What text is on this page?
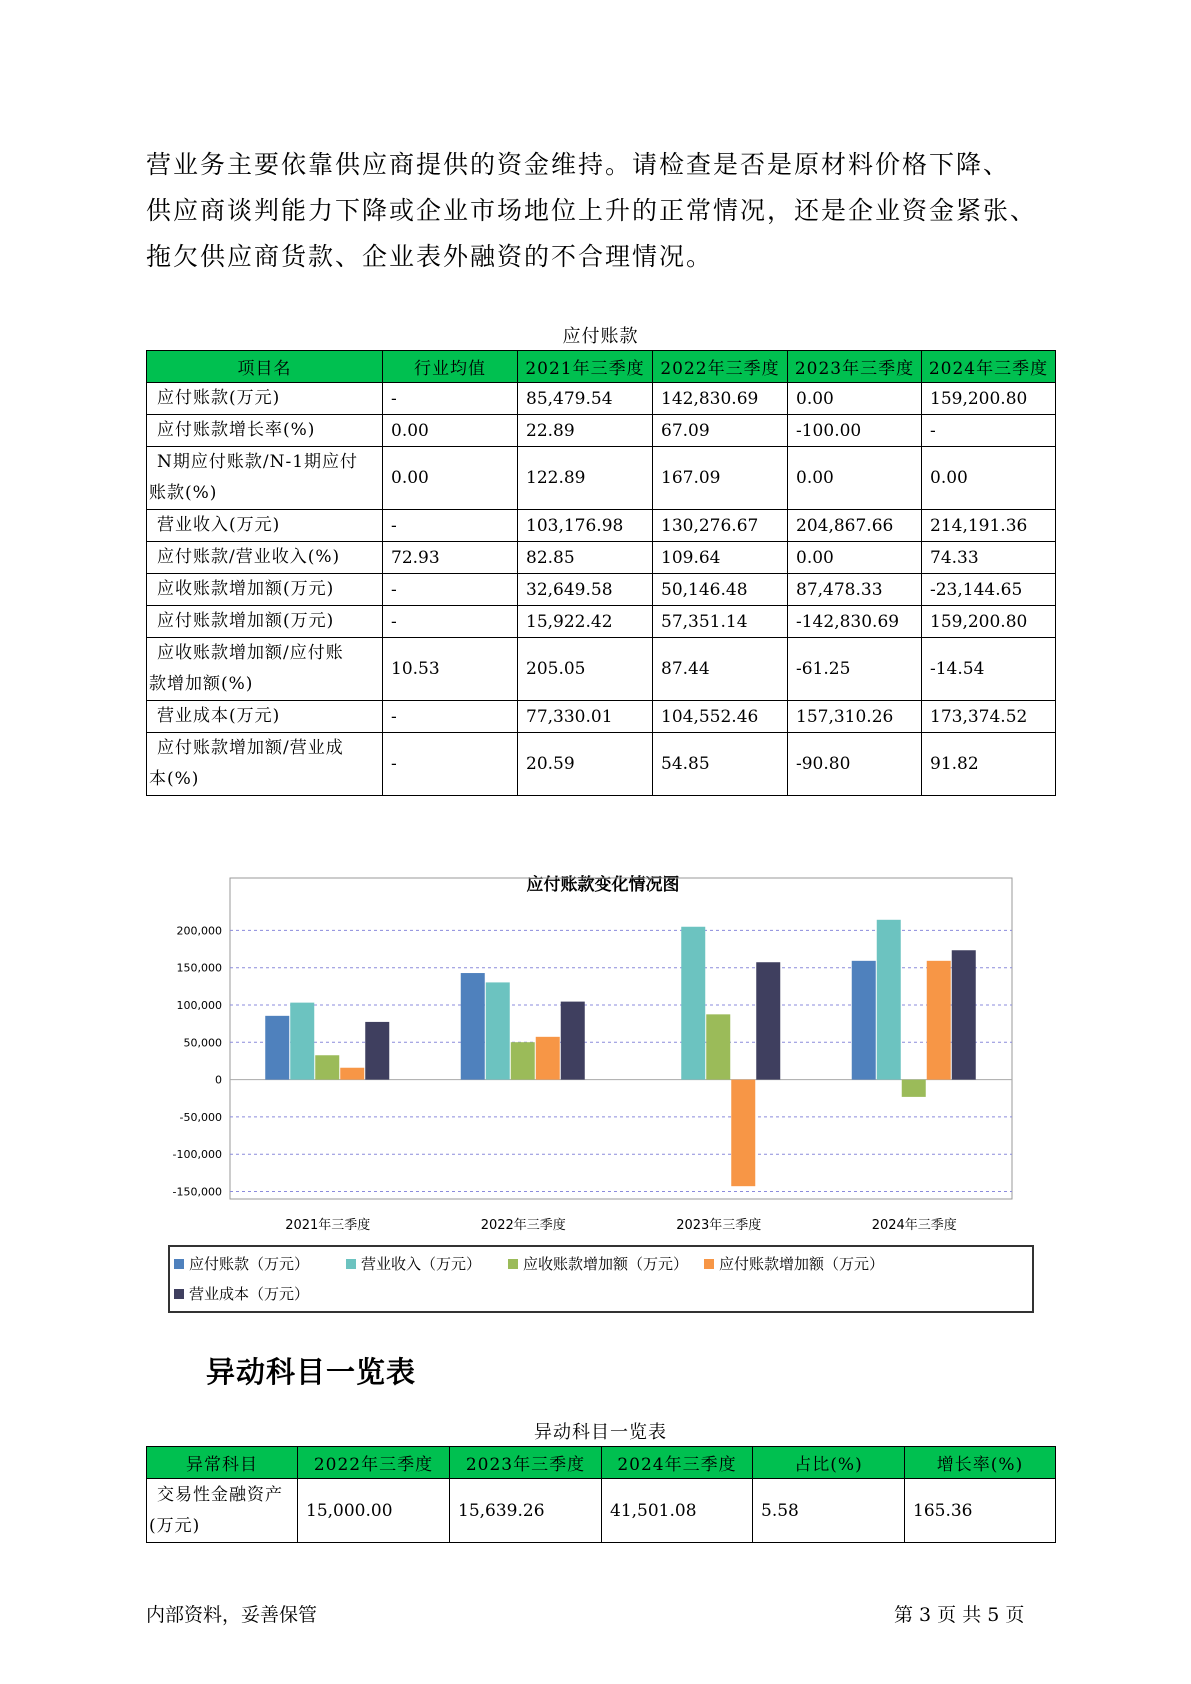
营业务主要依靠供应商提供的资金维持。请检查是否是原材料价格下降、
供应商谈判能力下降或企业市场地位上升的正常情况，还是企业资金紧张、
拖欠供应商货款、企业表外融资的不合理情况。
应付账款
项目名	行业均值	2021年三季度	2022年三季度	2023年三季度	2024年三季度

应付账款(万元)	-	85,479.54	142,830.69	0.00	159,200.80

应付账款增长率(%)	0.00	22.89	67.09	-100.00	-

N期应付账款/N-1期应付
账款(%)	0.00	122.89	167.09	0.00	0.00

营业收入(万元)	-	103,176.98	130,276.67	204,867.66	214,191.36

应付账款/营业收入(%)	72.93	82.85	109.64	0.00	74.33

应收账款增加额(万元)	-	32,649.58	50,146.48	87,478.33	-23,144.65

应付账款增加额(万元)	-	15,922.42	57,351.14	-142,830.69	159,200.80

应收账款增加额/应付账
款增加额(%)	10.53	205.05	87.44	-61.25	-14.54

营业成本(万元)	-	77,330.01	104,552.46	157,310.26	173,374.52

应付账款增加额/营业成
本(%)	-	20.59	54.85	-90.80	91.82
应付账款变化情况图
200,000
150,000
100,000
50,000
0
-50,000
-100,000
-150,000
2021年三季度	2022年三季度	2023年三季度	2024年三季度
应付账款（万元）	营业收入（万元）	应收账款增加额（万元）	应付账款增加额（万元）
营业成本（万元）
异动科目一览表
异动科目一览表
异常科目	2022年三季度	2023年三季度	2024年三季度	占比(%)	增长率(%)

交易性金融资产
(万元)	15,000.00	15,639.26	41,501.08	5.58	165.36
内部资料，妥善保管	第 3 页 共 5 页
